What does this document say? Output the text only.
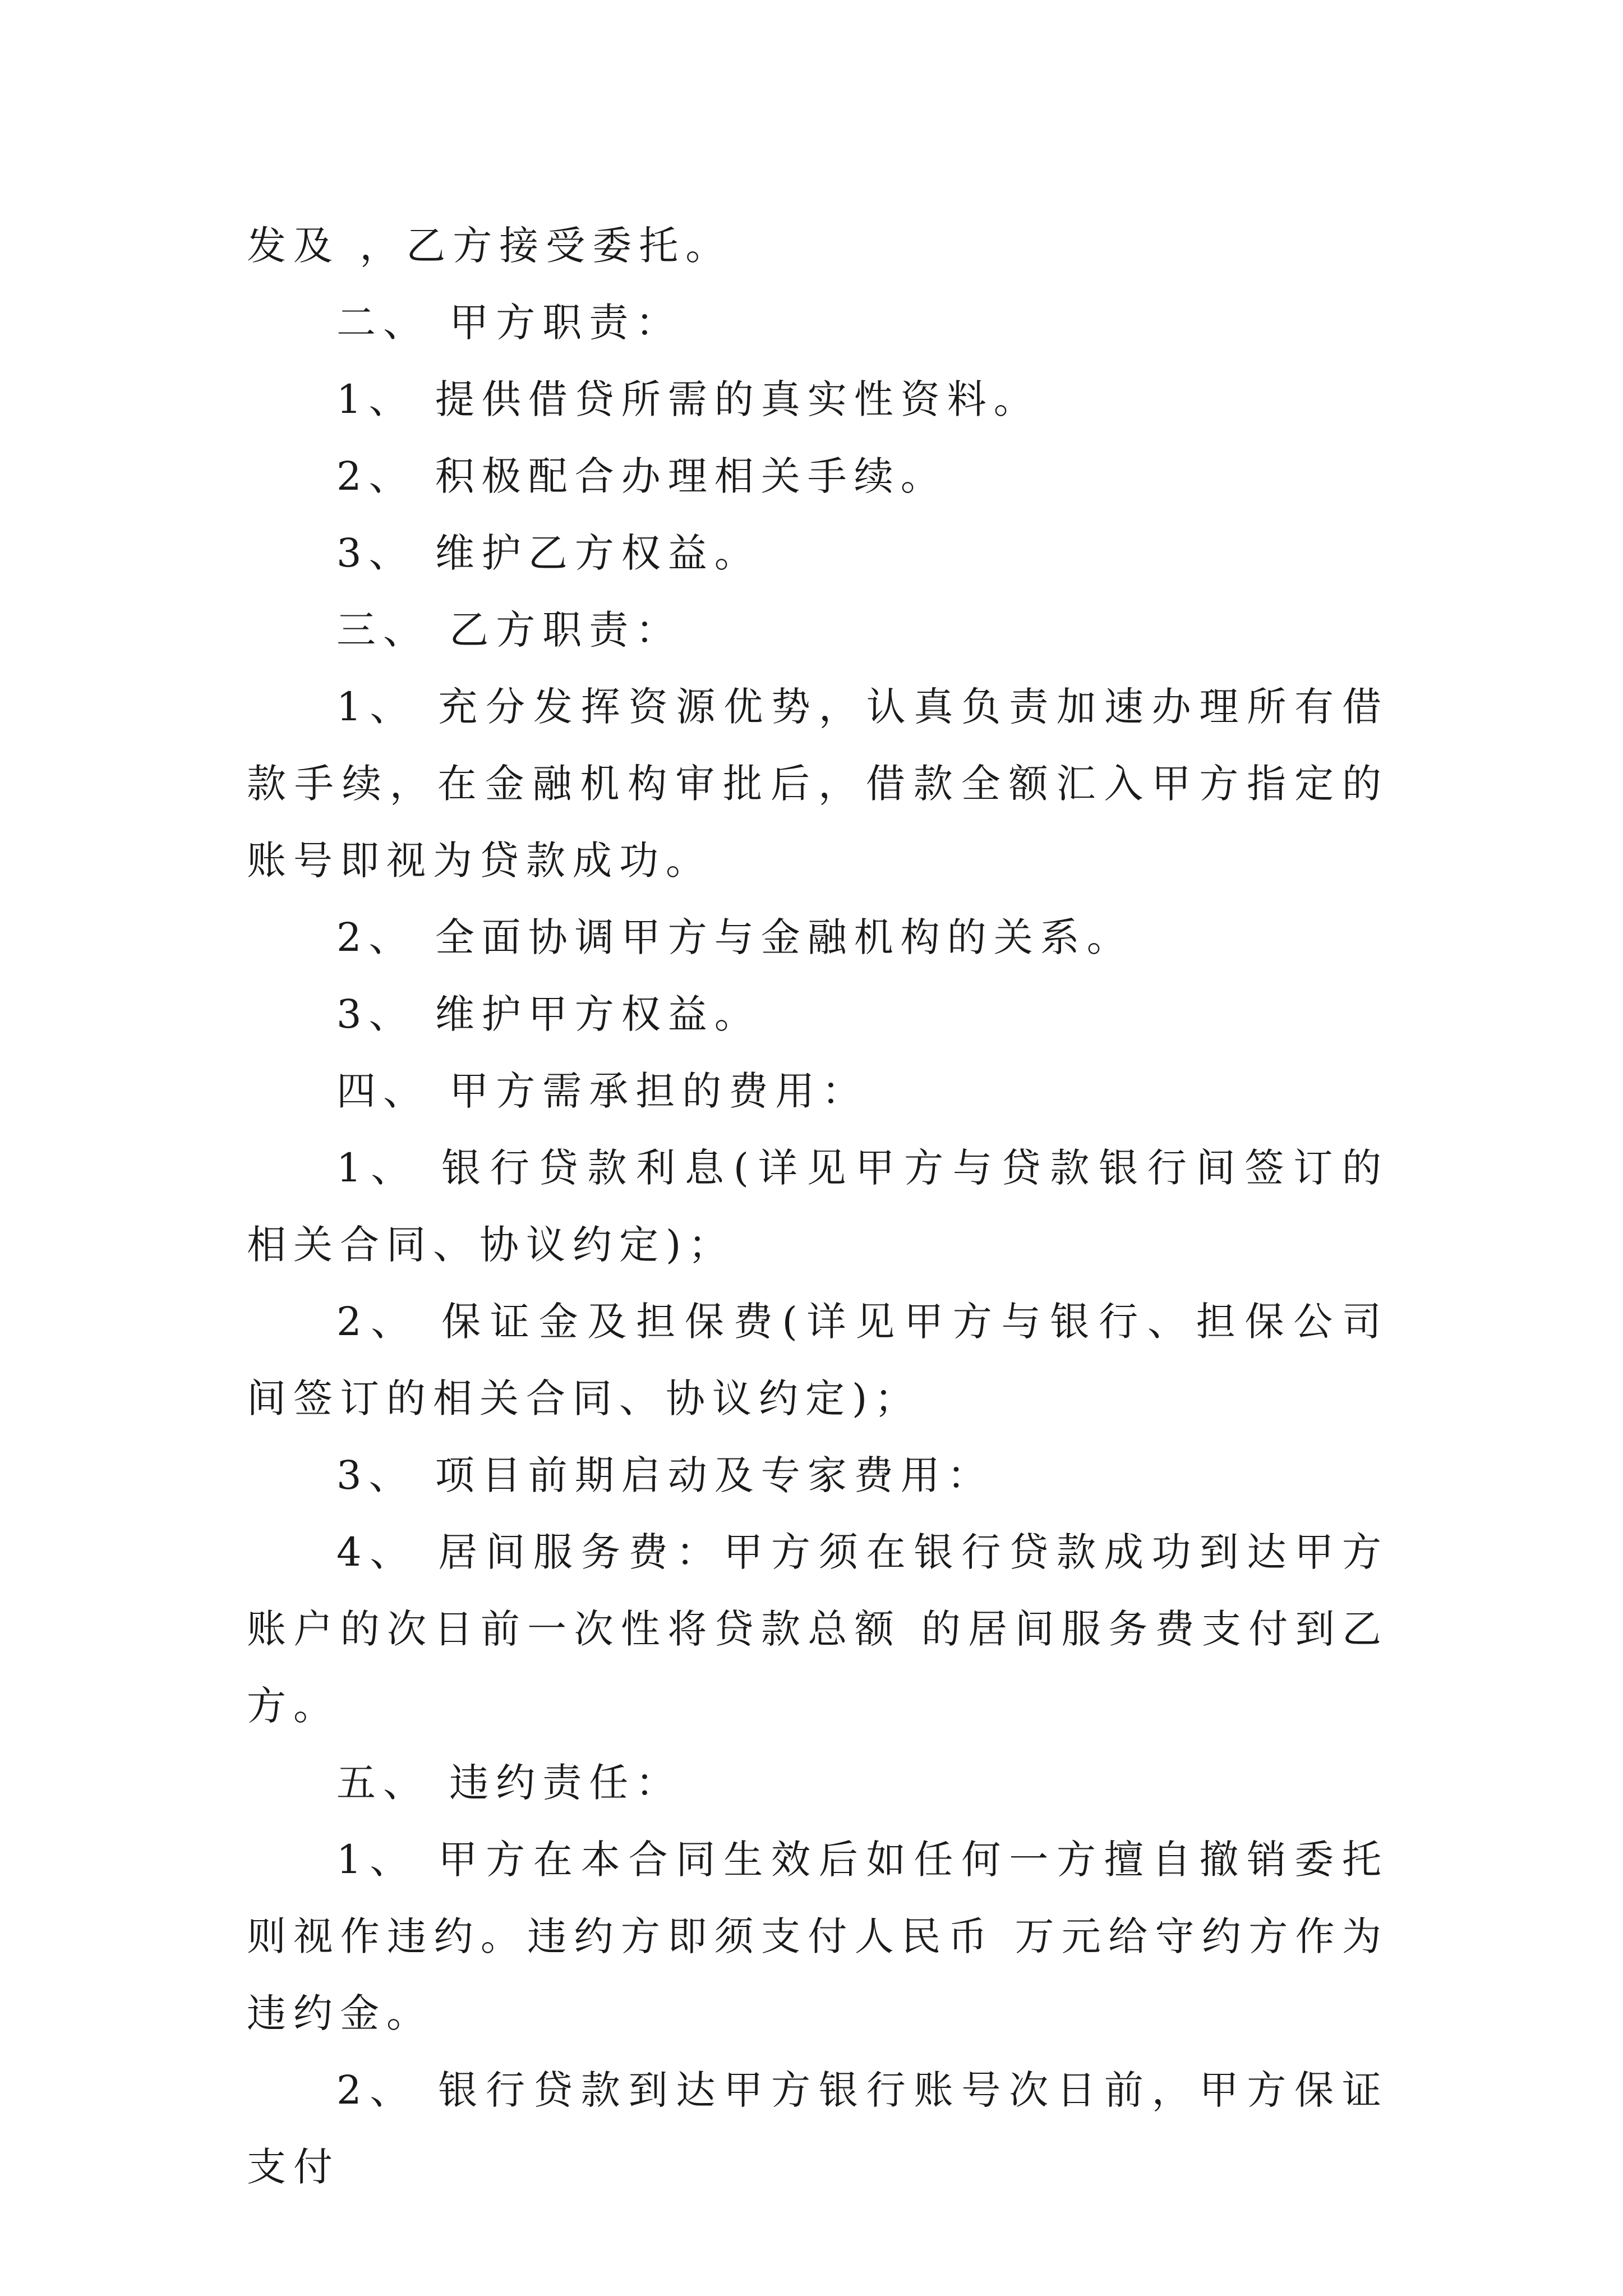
发及 ，乙方接受委托。

二、 甲方职责：

1、 提供借贷所需的真实性资料。

2、 积极配合办理相关手续。

3、 维护乙方权益。

三、 乙方职责：

1、 充分发挥资源优势，认真负责加速办理所有借款手续，在金融机构审批后，借款全额汇入甲方指定的账号即视为贷款成功。

2、 全面协调甲方与金融机构的关系。

3、 维护甲方权益。

四、 甲方需承担的费用：

1、 银行贷款利息(详见甲方与贷款银行间签订的相关合同、协议约定)；

2、 保证金及担保费(详见甲方与银行、担保公司间签订的相关合同、协议约定)；

3、 项目前期启动及专家费用：

4、 居间服务费：甲方须在银行贷款成功到达甲方账户的次日前一次性将贷款总额 的居间服务费支付到乙方。

五、 违约责任：

1、 甲方在本合同生效后如任何一方擅自撤销委托则视作违约。违约方即须支付人民币 万元给守约方作为违约金。

2、 银行贷款到达甲方银行账号次日前，甲方保证支付
